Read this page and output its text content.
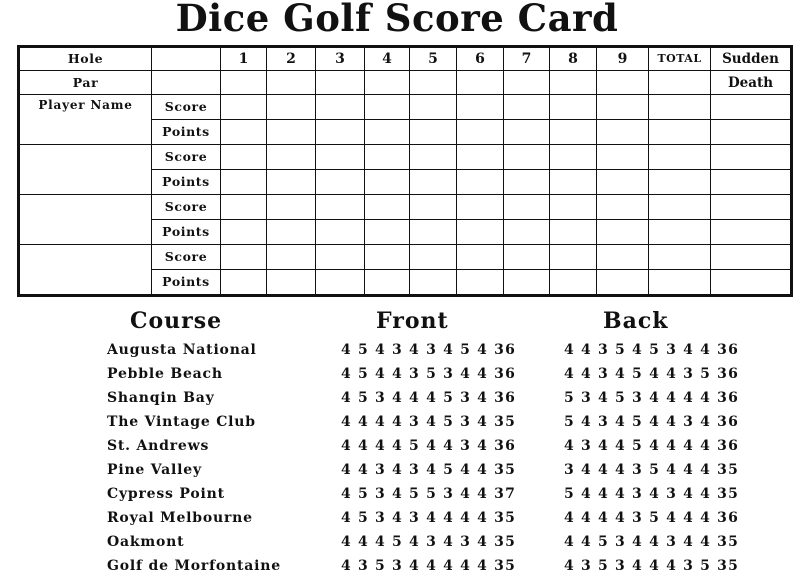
Dice Golf Score Card
Hole		1	2	3	4	5	6	7	8	9	TOTAL	Sudden
Par												Death
Player Name	Score											
	Points											
	Score											
	Points											
	Score											
	Points											
	Score											
	Points											
Course	Front	Back
Augusta National	4 5 4 3 4 3 4 5 4 36	4 4 3 5 4 5 3 4 4 36
Pebble Beach	4 5 4 4 3 5 3 4 4 36	4 4 3 4 5 4 4 3 5 36
Shanqin Bay	4 5 3 4 4 4 5 3 4 36	5 3 4 5 3 4 4 4 4 36
The Vintage Club	4 4 4 4 3 4 5 3 4 35	5 4 3 4 5 4 4 3 4 36
St. Andrews	4 4 4 4 5 4 4 3 4 36	4 3 4 4 5 4 4 4 4 36
Pine Valley	4 4 3 4 3 4 5 4 4 35	3 4 4 4 3 5 4 4 4 35
Cypress Point	4 5 3 4 5 5 3 4 4 37	5 4 4 4 3 4 3 4 4 35
Royal Melbourne	4 5 3 4 3 4 4 4 4 35	4 4 4 4 3 5 4 4 4 36
Oakmont	4 4 4 5 4 3 4 3 4 35	4 4 5 3 4 4 3 4 4 35
Golf de Morfontaine	4 3 5 3 4 4 4 4 4 35	4 3 5 3 4 4 4 3 5 35
